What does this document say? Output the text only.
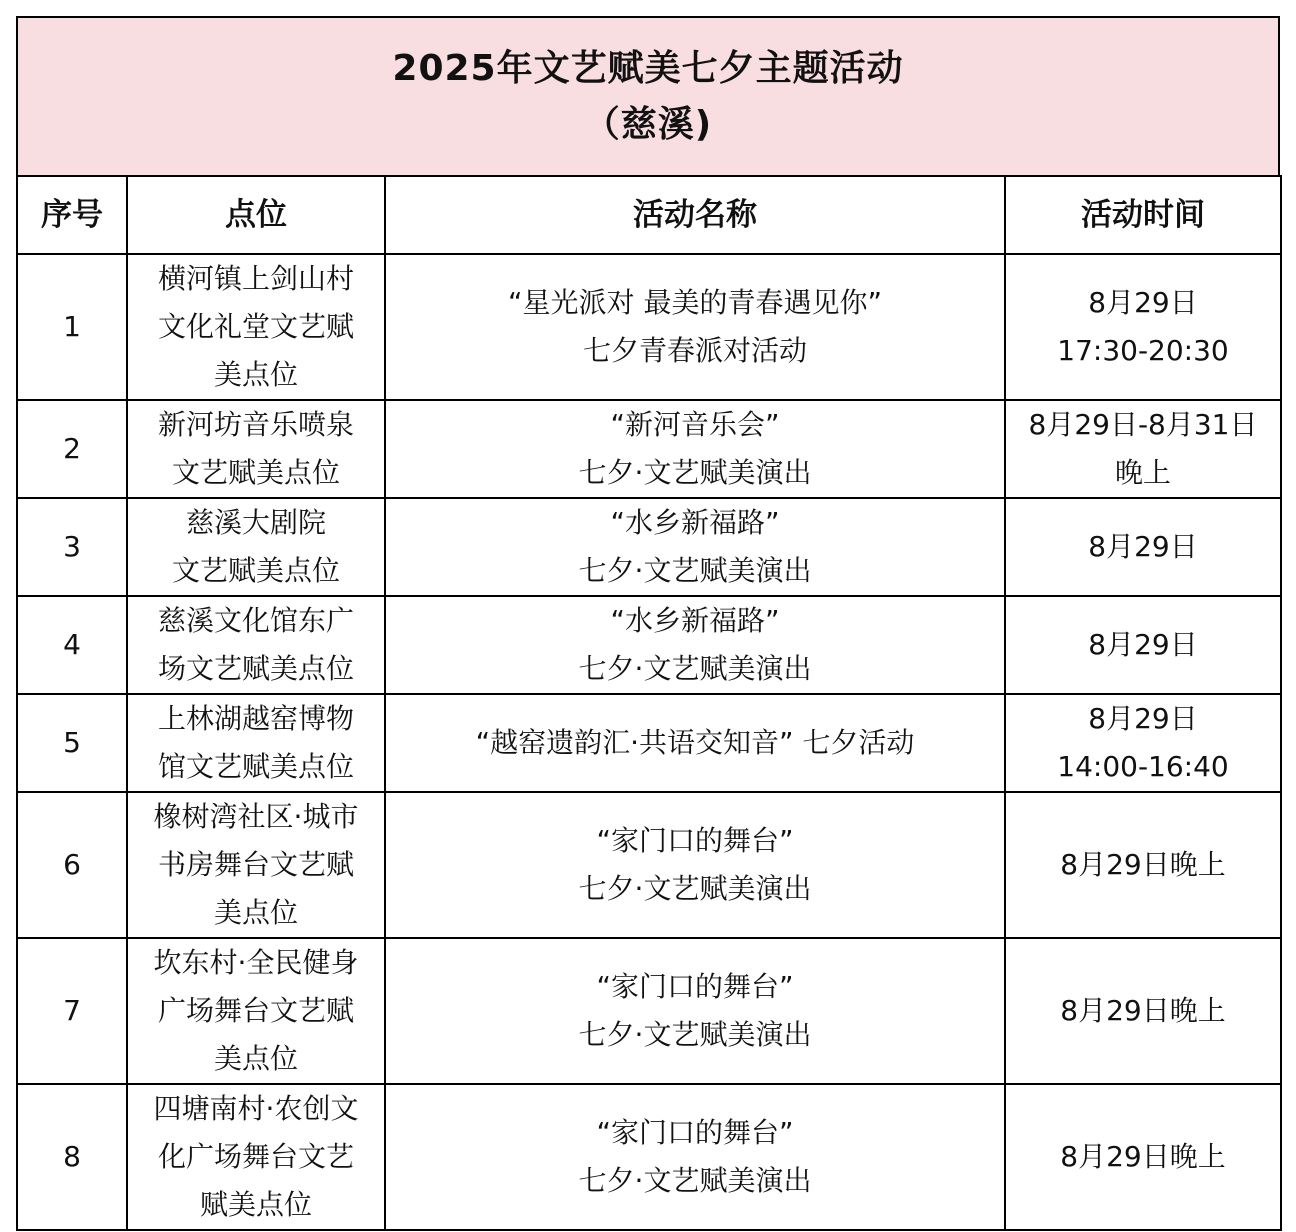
2025年文艺赋美七夕主题活动
（慈溪)
序号	点位	活动名称	活动时间
1	横河镇上剑山村
文化礼堂文艺赋
美点位	“星光派对 最美的青春遇见你”
七夕青春派对活动	8月29日
17:30-20:30
2	新河坊音乐喷泉
文艺赋美点位	“新河音乐会”
七夕·文艺赋美演出	8月29日-8月31日
晚上
3	慈溪大剧院
文艺赋美点位	“水乡新福路”
七夕·文艺赋美演出	8月29日
4	慈溪文化馆东广
场文艺赋美点位	“水乡新福路”
七夕·文艺赋美演出	8月29日
5	上林湖越窑博物
馆文艺赋美点位	“越窑遗韵汇·共语交知音” 七夕活动	8月29日
14:00-16:40
6	橡树湾社区·城市
书房舞台文艺赋
美点位	“家门口的舞台”
七夕·文艺赋美演出	8月29日晚上
7	坎东村·全民健身
广场舞台文艺赋
美点位	“家门口的舞台”
七夕·文艺赋美演出	8月29日晚上
8	四塘南村·农创文
化广场舞台文艺
赋美点位	“家门口的舞台”
七夕·文艺赋美演出	8月29日晚上
